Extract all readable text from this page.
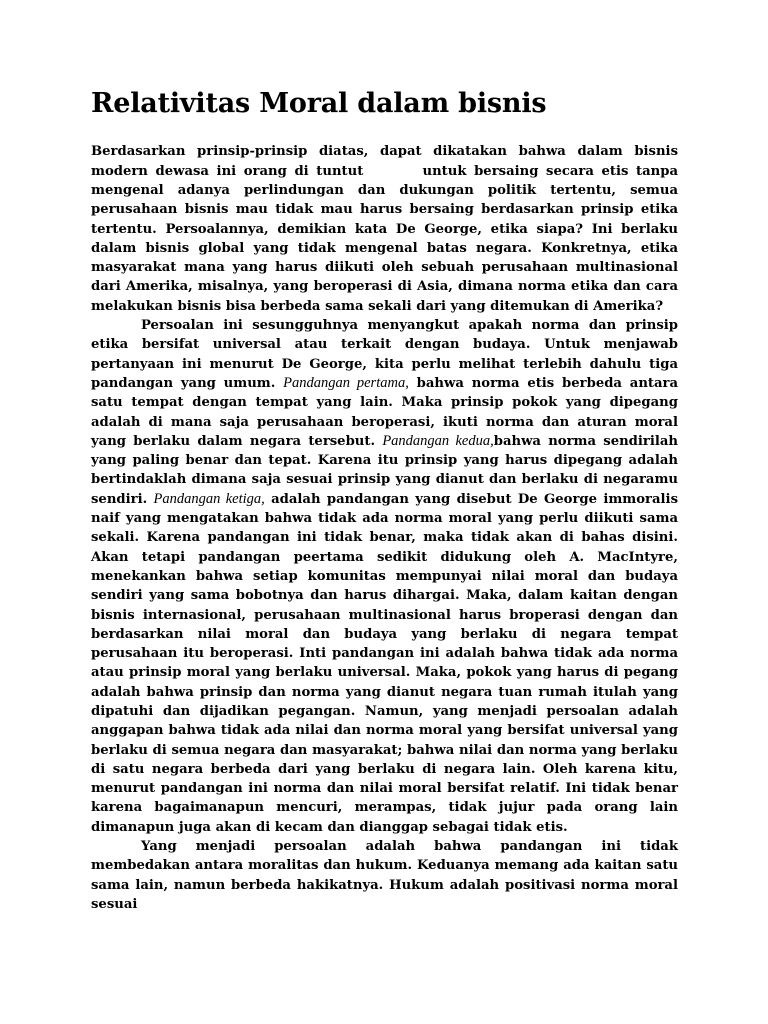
Relativitas Moral dalam bisnis

Berdasarkan prinsip-prinsip diatas, dapat dikatakan bahwa dalam bisnis modern dewasa ini orang di tuntut	untuk bersaing secara etis tanpa mengenal adanya perlindungan dan dukungan politik tertentu, semua perusahaan bisnis mau tidak mau harus bersaing berdasarkan prinsip etika tertentu. Persoalannya, demikian kata De George, etika siapa? Ini berlaku dalam bisnis global yang tidak mengenal batas negara. Konkretnya, etika masyarakat mana yang harus diikuti oleh sebuah perusahaan multinasional dari Amerika, misalnya, yang beroperasi di Asia, dimana norma etika dan cara melakukan bisnis bisa berbeda sama sekali dari yang ditemukan di Amerika?

Persoalan ini sesungguhnya menyangkut apakah norma dan prinsip etika bersifat universal atau terkait dengan budaya. Untuk menjawab pertanyaan ini menurut De George, kita perlu melihat terlebih dahulu tiga pandangan yang umum. Pandangan pertama, bahwa norma etis berbeda antara satu tempat dengan tempat yang lain. Maka prinsip pokok yang dipegang adalah di mana saja perusahaan beroperasi, ikuti norma dan aturan moral yang berlaku dalam negara tersebut. Pandangan kedua,bahwa norma sendirilah yang paling benar dan tepat. Karena itu prinsip yang harus dipegang adalah bertindaklah dimana saja sesuai prinsip yang dianut dan berlaku di negaramu sendiri. Pandangan ketiga, adalah pandangan yang disebut De George immoralis naif yang mengatakan bahwa tidak ada norma moral yang perlu diikuti sama sekali. Karena pandangan ini tidak benar, maka tidak akan di bahas disini. Akan tetapi pandangan peertama sedikit didukung oleh A. MacIntyre, menekankan bahwa setiap komunitas mempunyai nilai moral dan budaya sendiri yang sama bobotnya dan harus dihargai. Maka, dalam kaitan dengan bisnis internasional, perusahaan multinasional harus broperasi dengan dan berdasarkan nilai moral dan budaya yang berlaku di negara tempat perusahaan itu beroperasi. Inti pandangan ini adalah bahwa tidak ada norma atau prinsip moral yang berlaku universal. Maka, pokok yang harus di pegang adalah bahwa prinsip dan norma yang dianut negara tuan rumah itulah yang dipatuhi dan dijadikan pegangan. Namun, yang menjadi persoalan adalah anggapan bahwa tidak ada nilai dan norma moral yang bersifat universal yang berlaku di semua negara dan masyarakat; bahwa nilai dan norma yang berlaku di satu negara berbeda dari yang berlaku di negara lain. Oleh karena kitu, menurut pandangan ini norma dan nilai moral bersifat relatif. Ini tidak benar karena bagaimanapun mencuri, merampas, tidak jujur pada orang lain dimanapun juga akan di kecam dan dianggap sebagai tidak etis.

Yang menjadi persoalan adalah bahwa pandangan ini tidak membedakan antara moralitas dan hukum. Keduanya memang ada kaitan satu sama lain, namun berbeda hakikatnya. Hukum adalah positivasi norma moral sesuai
